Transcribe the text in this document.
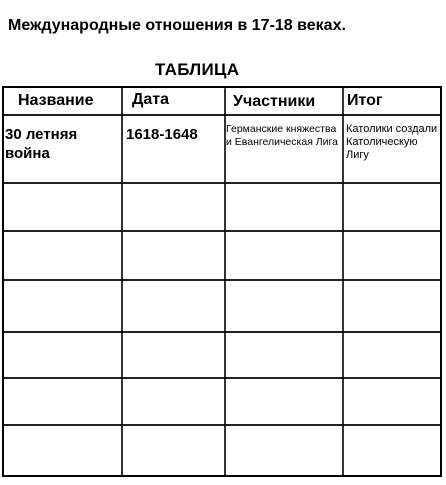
Международные отношения в 17-18 веках.
ТАБЛИЦА
Название Дата	Участники Итог
30 летняя война
1618-1648	Германские княжества и Евангелическая Лига
Католики создали Католическую Лигу
